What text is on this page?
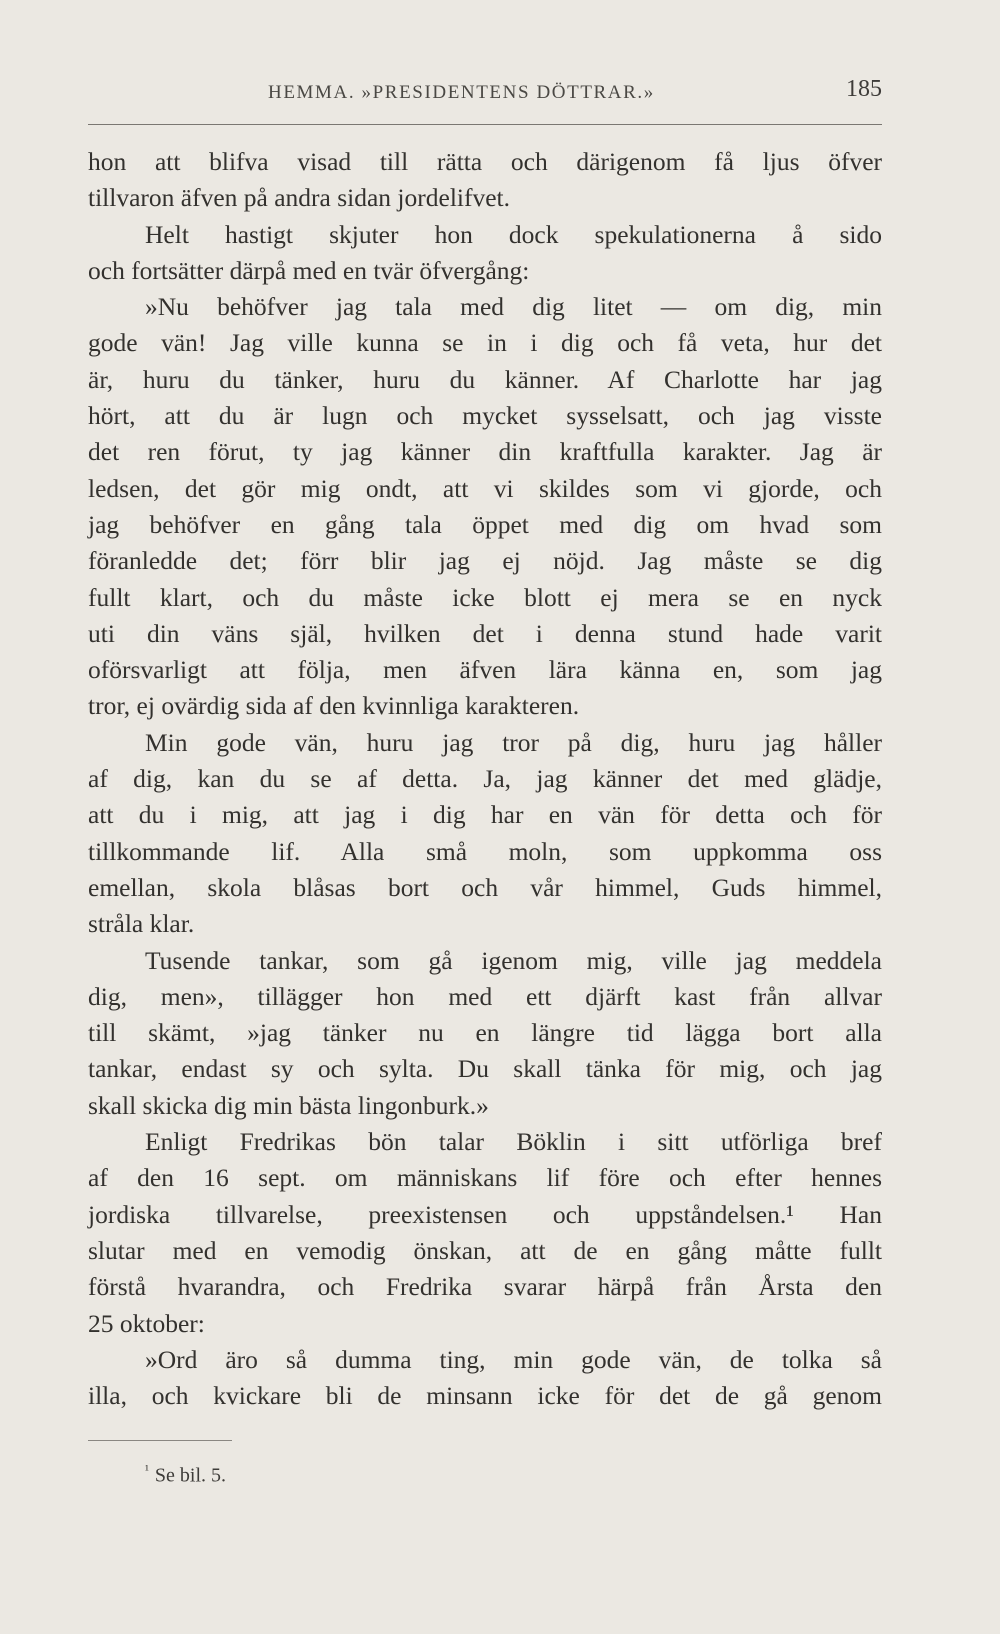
HEMMA. »PRESIDENTENS DÖTTRAR.»	185
hon att blifva visad till rätta och därigenom få ljus öfver
tillvaron äfven på andra sidan jordelifvet.
Helt hastigt skjuter hon dock spekulationerna å sido
och fortsätter därpå med en tvär öfvergång:
»Nu behöfver jag tala med dig litet — om dig, min
gode vän! Jag ville kunna se in i dig och få veta, hur det
är, huru du tänker, huru du känner. Af Charlotte har jag
hört, att du är lugn och mycket sysselsatt, och jag visste
det ren förut, ty jag känner din kraftfulla karakter. Jag är
ledsen, det gör mig ondt, att vi skildes som vi gjorde, och
jag behöfver en gång tala öppet med dig om hvad som
föranledde det; förr blir jag ej nöjd. Jag måste se dig
fullt klart, och du måste icke blott ej mera se en nyck
uti din väns själ, hvilken det i denna stund hade varit
oförsvarligt att följa, men äfven lära känna en, som jag
tror, ej ovärdig sida af den kvinnliga karakteren.
Min gode vän, huru jag tror på dig, huru jag håller
af dig, kan du se af detta. Ja, jag känner det med glädje,
att du i mig, att jag i dig har en vän för detta och för
tillkommande lif. Alla små moln, som uppkomma oss
emellan, skola blåsas bort och vår himmel, Guds himmel,
stråla klar.
Tusende tankar, som gå igenom mig, ville jag meddela
dig, men», tillägger hon med ett djärft kast från allvar
till skämt, »jag tänker nu en längre tid lägga bort alla
tankar, endast sy och sylta. Du skall tänka för mig, och jag
skall skicka dig min bästa lingonburk.»
Enligt Fredrikas bön talar Böklin i sitt utförliga bref
af den 16 sept. om människans lif före och efter hennes
jordiska tillvarelse, preexistensen och uppståndelsen.¹ Han
slutar med en vemodig önskan, att de en gång måtte fullt
förstå hvarandra, och Fredrika svarar härpå från Årsta den
25 oktober:
»Ord äro så dumma ting, min gode vän, de tolka så
illa, och kvickare bli de minsann icke för det de gå genom
$^{^1}$ Se bil. 5.
